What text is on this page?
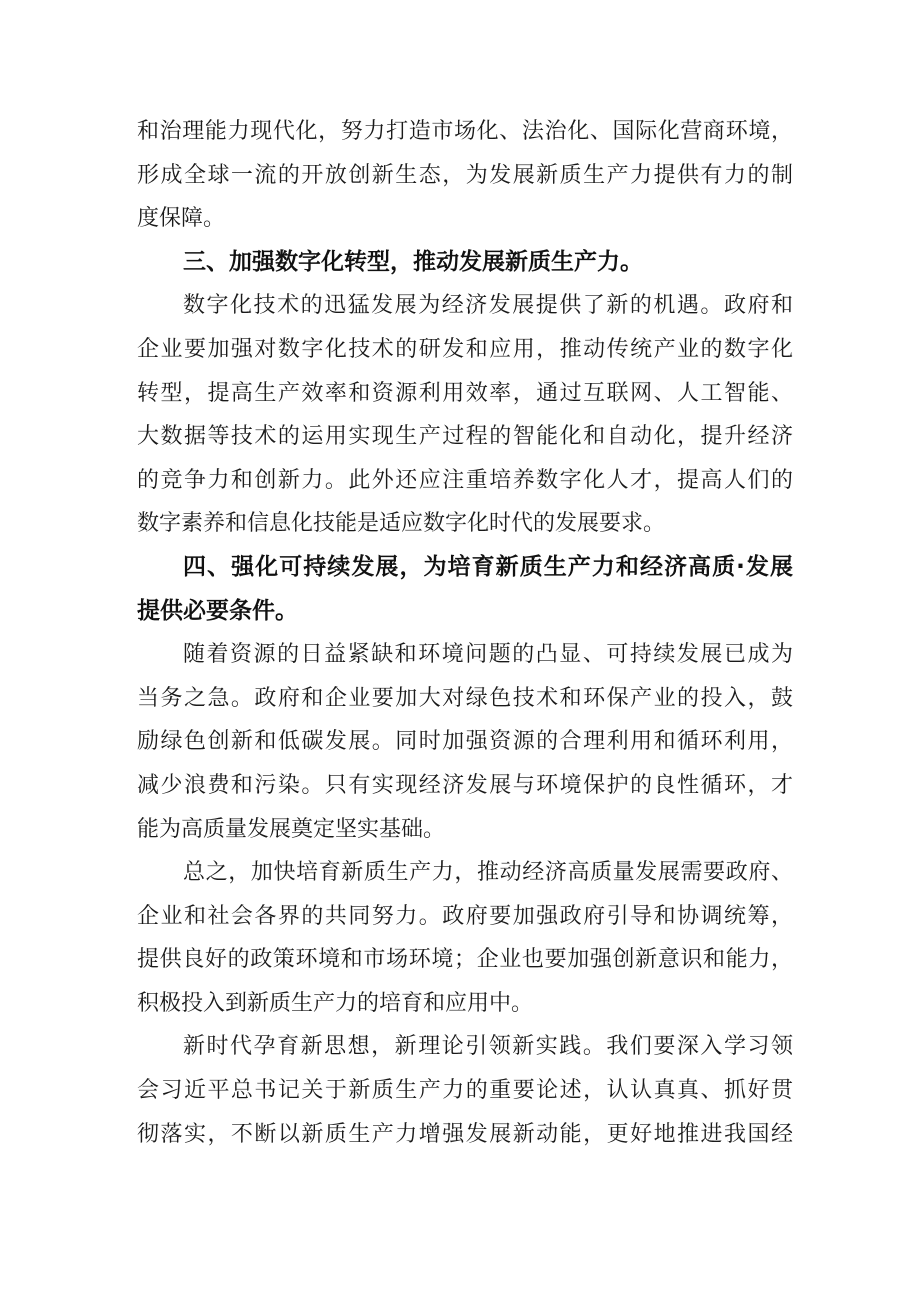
和治理能力现代化，努力打造市场化、法治化、国际化营商环境，
形成全球一流的开放创新生态，为发展新质生产力提供有力的制
度保障。
三、加强数字化转型，推动发展新质生产力。
数字化技术的迅猛发展为经济发展提供了新的机遇。政府和
企业要加强对数字化技术的研发和应用，推动传统产业的数字化
转型，提高生产效率和资源利用效率，通过互联网、人工智能、
大数据等技术的运用实现生产过程的智能化和自动化，提升经济
的竞争力和创新力。此外还应注重培养数字化人才，提高人们的
数字素养和信息化技能是适应数字化时代的发展要求。
四、强化可持续发展，为培育新质生产力和经济高质·发展
提供必要条件。
随着资源的日益紧缺和环境问题的凸显、可持续发展已成为
当务之急。政府和企业要加大对绿色技术和环保产业的投入，鼓
励绿色创新和低碳发展。同时加强资源的合理利用和循环利用，
减少浪费和污染。只有实现经济发展与环境保护的良性循环，才
能为高质量发展奠定坚实基础。
总之，加快培育新质生产力，推动经济高质量发展需要政府、
企业和社会各界的共同努力。政府要加强政府引导和协调统筹，
提供良好的政策环境和市场环境；企业也要加强创新意识和能力，
积极投入到新质生产力的培育和应用中。
新时代孕育新思想，新理论引领新实践。我们要深入学习领
会习近平总书记关于新质生产力的重要论述，认认真真、抓好贯
彻落实，不断以新质生产力增强发展新动能，更好地推进我国经
